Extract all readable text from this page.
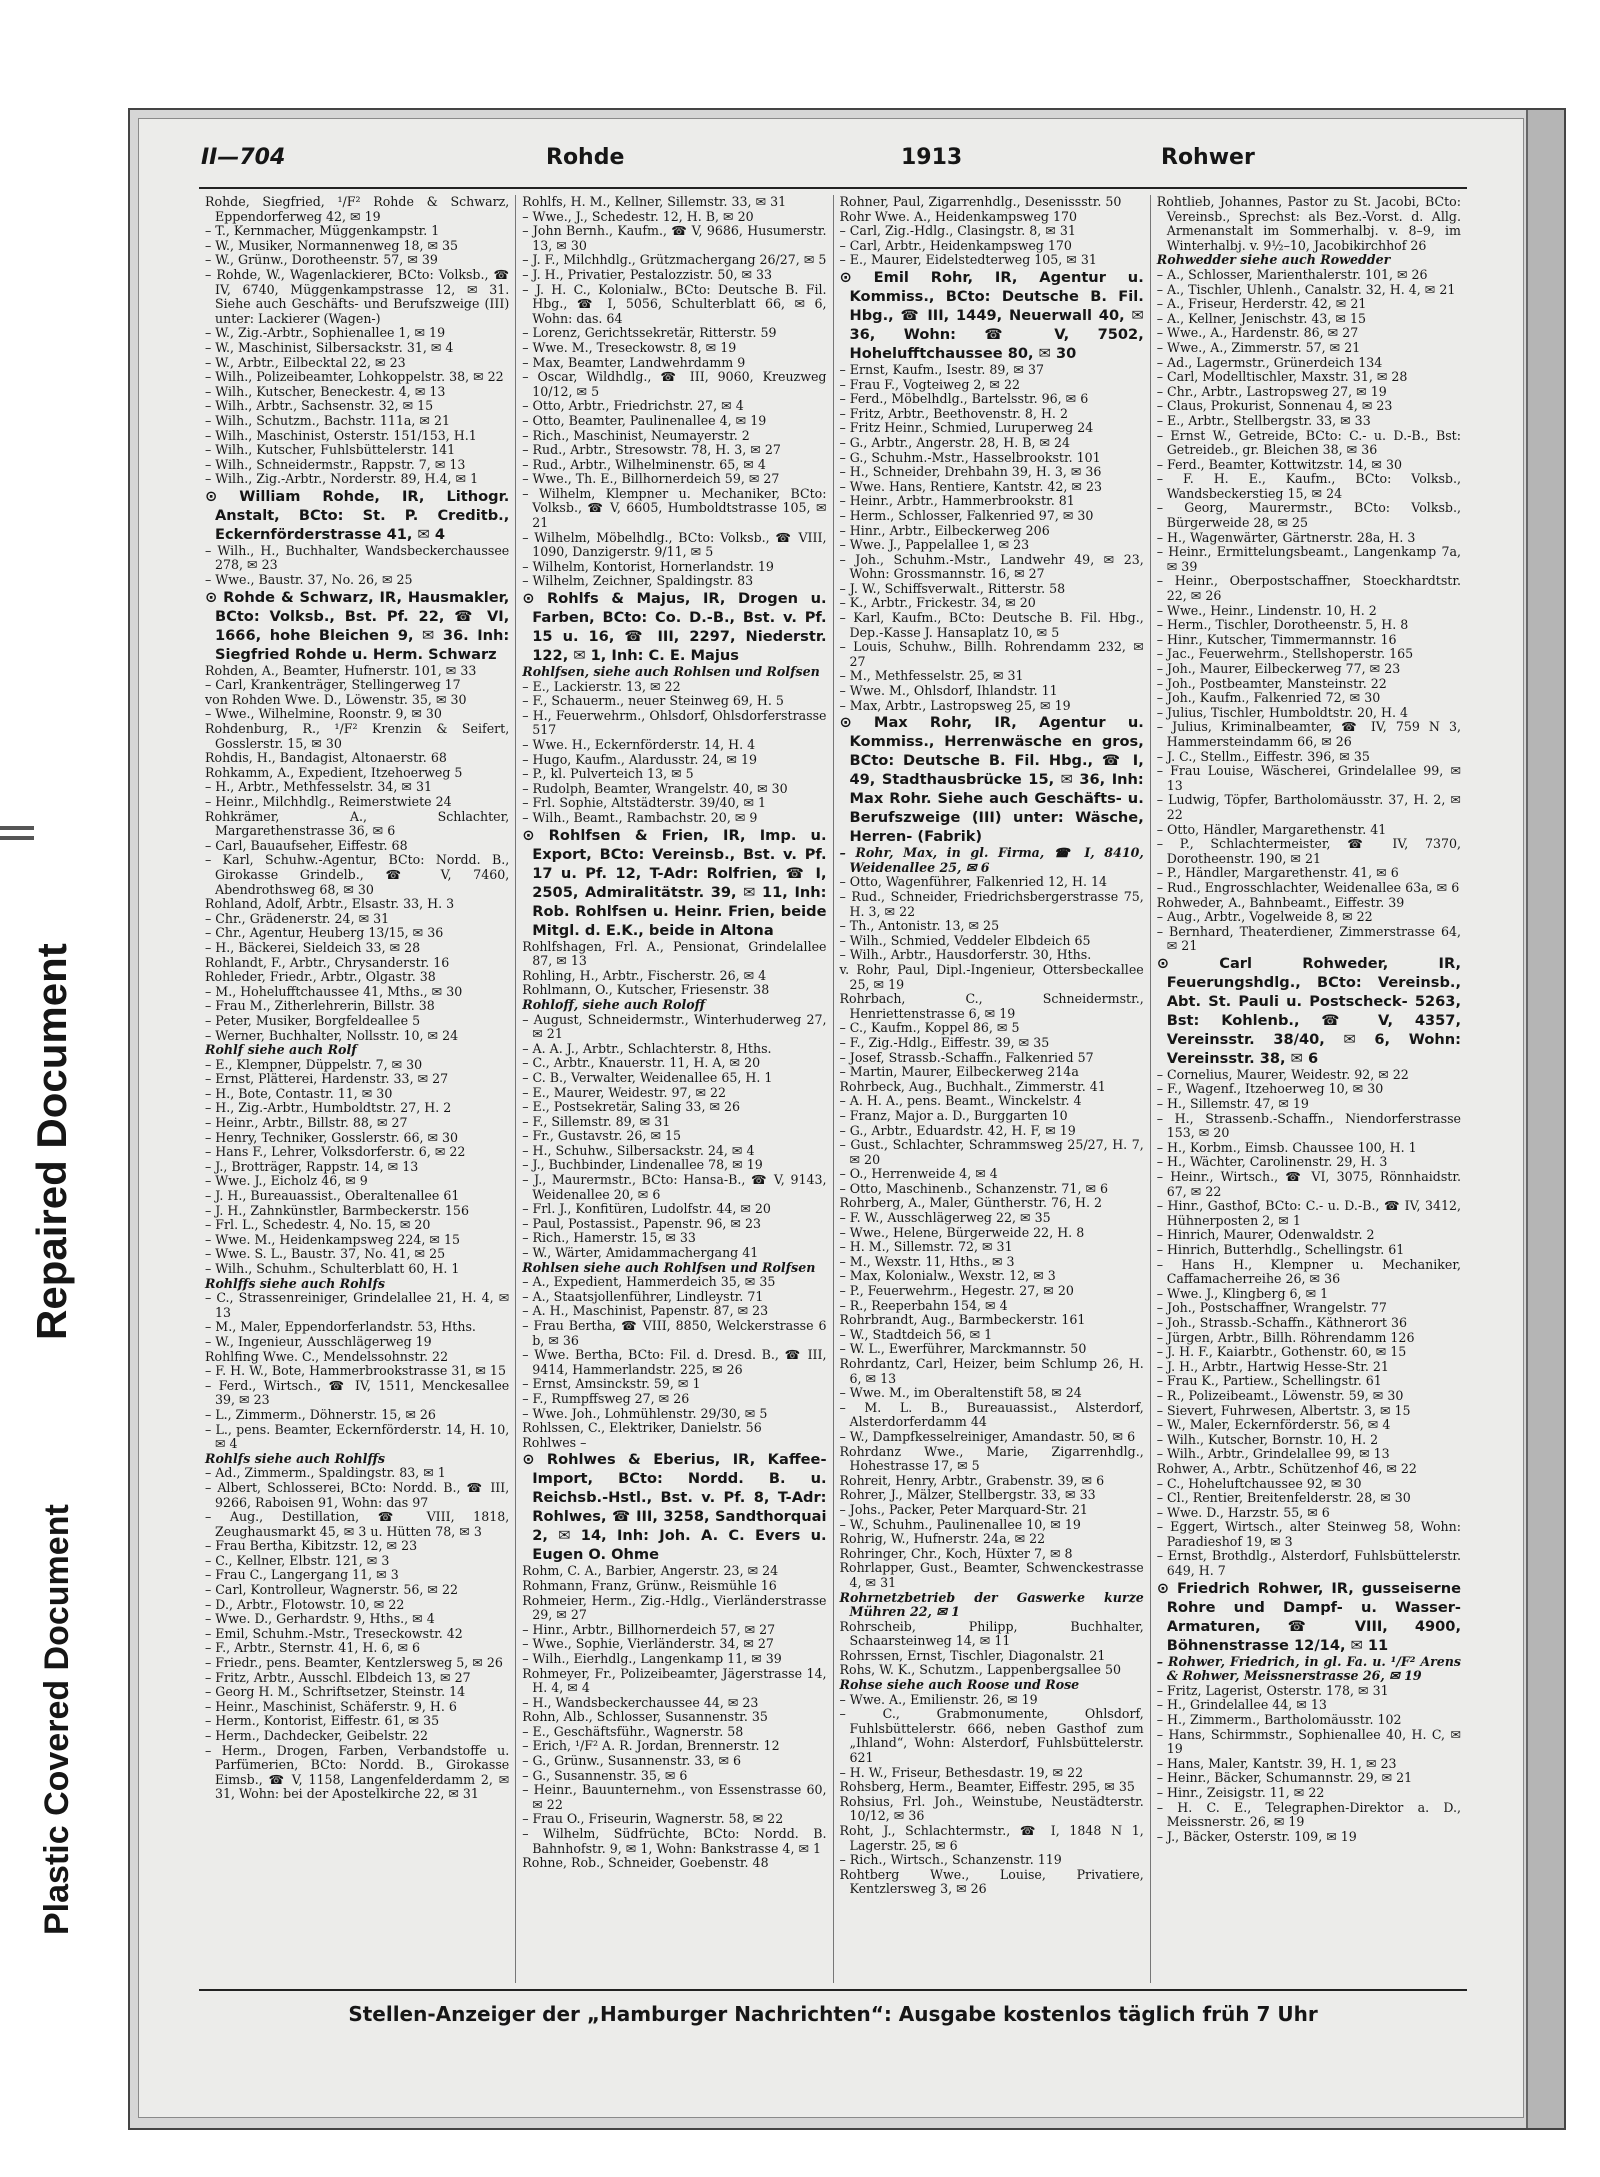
Repaired Document
Plastic Covered Document
II—704	Rohde	1913	Rohwer

Rohde, Siegfried, ¹/F² Rohde & Schwarz, Eppendorferweg 42, ✉ 19

– T., Kernmacher, Müggenkampstr. 1

– W., Musiker, Normannenweg 18, ✉ 35

– W., Grünw., Dorotheenstr. 57, ✉ 39

– Rohde, W., Wagenlackierer, BCto: Volksb., ☎ IV, 6740, Müggenkampstrasse 12, ✉ 31. Siehe auch Geschäfts- und Berufszweige (III) unter: Lackierer (Wagen-)

– W., Zig.-Arbtr., Sophienallee 1, ✉ 19

– W., Maschinist, Silbersackstr. 31, ✉ 4

– W., Arbtr., Eilbecktal 22, ✉ 23

– Wilh., Polizeibeamter, Lohkoppelstr. 38, ✉ 22

– Wilh., Kutscher, Beneckestr. 4, ✉ 13

– Wilh., Arbtr., Sachsenstr. 32, ✉ 15

– Wilh., Schutzm., Bachstr. 111a, ✉ 21

– Wilh., Maschinist, Osterstr. 151/153, H.1

– Wilh., Kutscher, Fuhlsbüttelerstr. 141

– Wilh., Schneidermstr., Rappstr. 7, ✉ 13

– Wilh., Zig.-Arbtr., Norderstr. 89, H.4, ✉ 1

⊙ William Rohde, IR, Lithogr. Anstalt, BCto: St. P. Creditb., Eckernförderstrasse 41, ✉ 4

– Wilh., H., Buchhalter, Wandsbeckerchaussee 278, ✉ 23

– Wwe., Baustr. 37, No. 26, ✉ 25

⊙ Rohde & Schwarz, IR, Hausmakler, BCto: Volksb., Bst. Pf. 22, ☎ VI, 1666, hohe Bleichen 9, ✉ 36. Inh: Siegfried Rohde u. Herm. Schwarz

Rohden, A., Beamter, Hufnerstr. 101, ✉ 33

– Carl, Krankenträger, Stellingerweg 17

von Rohden Wwe. D., Löwenstr. 35, ✉ 30

– Wwe., Wilhelmine, Roonstr. 9, ✉ 30

Rohdenburg, R., ¹/F² Krenzin & Seifert, Gosslerstr. 15, ✉ 30

Rohdis, H., Bandagist, Altonaerstr. 68

Rohkamm, A., Expedient, Itzehoerweg 5

– H., Arbtr., Methfesselstr. 34, ✉ 31

– Heinr., Milchhdlg., Reimerstwiete 24

Rohkrämer, A., Schlachter, Margarethenstrasse 36, ✉ 6

– Carl, Bauaufseher, Eiffestr. 68

– Karl, Schuhw.-Agentur, BCto: Nordd. B., Girokasse Grindelb., ☎ V, 7460, Abendrothsweg 68, ✉ 30

Rohland, Adolf, Arbtr., Elsastr. 33, H. 3

– Chr., Grädenerstr. 24, ✉ 31

– Chr., Agentur, Heuberg 13/15, ✉ 36

– H., Bäckerei, Sieldeich 33, ✉ 28

Rohlandt, F., Arbtr., Chrysanderstr. 16

Rohleder, Friedr., Arbtr., Olgastr. 38

– M., Hohelufftchaussee 41, Mths., ✉ 30

– Frau M., Zitherlehrerin, Billstr. 38

– Peter, Musiker, Borgfeldeallee 5

– Werner, Buchhalter, Nollsstr. 10, ✉ 24

Rohlf siehe auch Rolf

– E., Klempner, Düppelstr. 7, ✉ 30

– Ernst, Plätterei, Hardenstr. 33, ✉ 27

– H., Bote, Contastr. 11, ✉ 30

– H., Zig.-Arbtr., Humboldtstr. 27, H. 2

– Heinr., Arbtr., Billstr. 88, ✉ 27

– Henry, Techniker, Gosslerstr. 66, ✉ 30

– Hans F., Lehrer, Volksdorferstr. 6, ✉ 22

– J., Brotträger, Rappstr. 14, ✉ 13

– Wwe. J., Eicholz 46, ✉ 9

– J. H., Bureauassist., Oberaltenallee 61

– J. H., Zahnkünstler, Barmbeckerstr. 156

– Frl. L., Schedestr. 4, No. 15, ✉ 20

– Wwe. M., Heidenkampsweg 224, ✉ 15

– Wwe. S. L., Baustr. 37, No. 41, ✉ 25

– Wilh., Schuhm., Schulterblatt 60, H. 1

Rohlffs siehe auch Rohlfs

– C., Strassenreiniger, Grindelallee 21, H. 4, ✉ 13

– M., Maler, Eppendorferlandstr. 53, Hths.

– W., Ingenieur, Ausschlägerweg 19

Rohlfing Wwe. C., Mendelssohnstr. 22

– F. H. W., Bote, Hammerbrookstrasse 31, ✉ 15

– Ferd., Wirtsch., ☎ IV, 1511, Menckesallee 39, ✉ 23

– L., Zimmerm., Döhnerstr. 15, ✉ 26

– L., pens. Beamter, Eckernförderstr. 14, H. 10, ✉ 4

Rohlfs siehe auch Rohlffs

– Ad., Zimmerm., Spaldingstr. 83, ✉ 1

– Albert, Schlosserei, BCto: Nordd. B., ☎ III, 9266, Raboisen 91, Wohn: das 97

– Aug., Destillation, ☎ VIII, 1818, Zeughausmarkt 45, ✉ 3 u. Hütten 78, ✉ 3

– Frau Bertha, Kibitzstr. 12, ✉ 23

– C., Kellner, Elbstr. 121, ✉ 3

– Frau C., Langergang 11, ✉ 3

– Carl, Kontrolleur, Wagnerstr. 56, ✉ 22

– D., Arbtr., Flotowstr. 10, ✉ 22

– Wwe. D., Gerhardstr. 9, Hths., ✉ 4

– Emil, Schuhm.-Mstr., Treseckowstr. 42

– F., Arbtr., Sternstr. 41, H. 6, ✉ 6

– Friedr., pens. Beamter, Kentzlersweg 5, ✉ 26

– Fritz, Arbtr., Ausschl. Elbdeich 13, ✉ 27

– Georg H. M., Schriftsetzer, Steinstr. 14

– Heinr., Maschinist, Schäferstr. 9, H. 6

– Herm., Kontorist, Eiffestr. 61, ✉ 35

– Herm., Dachdecker, Geibelstr. 22

– Herm., Drogen, Farben, Verbandstoffe u. Parfümerien, BCto: Nordd. B., Girokasse Eimsb., ☎ V, 1158, Langenfelderdamm 2, ✉ 31, Wohn: bei der Apostelkirche 22, ✉ 31

Rohlfs, H. M., Kellner, Sillemstr. 33, ✉ 31

– Wwe., J., Schedestr. 12, H. B, ✉ 20

– John Bernh., Kaufm., ☎ V, 9686, Husumerstr. 13, ✉ 30

– J. F., Milchhdlg., Grützmachergang 26/27, ✉ 5

– J. H., Privatier, Pestalozzistr. 50, ✉ 33

– J. H. C., Kolonialw., BCto: Deutsche B. Fil. Hbg., ☎ I, 5056, Schulterblatt 66, ✉ 6, Wohn: das. 64

– Lorenz, Gerichtssekretär, Ritterstr. 59

– Wwe. M., Treseckowstr. 8, ✉ 19

– Max, Beamter, Landwehrdamm 9

– Oscar, Wildhdlg., ☎ III, 9060, Kreuzweg 10/12, ✉ 5

– Otto, Arbtr., Friedrichstr. 27, ✉ 4

– Otto, Beamter, Paulinenallee 4, ✉ 19

– Rich., Maschinist, Neumayerstr. 2

– Rud., Arbtr., Stresowstr. 78, H. 3, ✉ 27

– Rud., Arbtr., Wilhelminenstr. 65, ✉ 4

– Wwe., Th. E., Billhornerdeich 59, ✉ 27

– Wilhelm, Klempner u. Mechaniker, BCto: Volksb., ☎ V, 6605, Humboldtstrasse 105, ✉ 21

– Wilhelm, Möbelhdlg., BCto: Volksb., ☎ VIII, 1090, Danzigerstr. 9/11, ✉ 5

– Wilhelm, Kontorist, Hornerlandstr. 19

– Wilhelm, Zeichner, Spaldingstr. 83

⊙ Rohlfs & Majus, IR, Drogen u. Farben, BCto: Co. D.-B., Bst. v. Pf. 15 u. 16, ☎ III, 2297, Niederstr. 122, ✉ 1, Inh: C. E. Majus

Rohlfsen, siehe auch Rohlsen und Rolfsen

– E., Lackierstr. 13, ✉ 22

– F., Schauerm., neuer Steinweg 69, H. 5

– H., Feuerwehrm., Ohlsdorf, Ohlsdorferstrasse 517

– Wwe. H., Eckernförderstr. 14, H. 4

– Hugo, Kaufm., Alardusstr. 24, ✉ 19

– P., kl. Pulverteich 13, ✉ 5

– Rudolph, Beamter, Wrangelstr. 40, ✉ 30

– Frl. Sophie, Altstädterstr. 39/40, ✉ 1

– Wilh., Beamt., Rambachstr. 20, ✉ 9

⊙ Rohlfsen & Frien, IR, Imp. u. Export, BCto: Vereinsb., Bst. v. Pf. 17 u. Pf. 12, T-Adr: Rolfrien, ☎ I, 2505, Admiralitätstr. 39, ✉ 11, Inh: Rob. Rohlfsen u. Heinr. Frien, beide Mitgl. d. E.K., beide in Altona

Rohlfshagen, Frl. A., Pensionat, Grindelallee 87, ✉ 13

Rohling, H., Arbtr., Fischerstr. 26, ✉ 4

Rohlmann, O., Kutscher, Friesenstr. 38

Rohloff, siehe auch Roloff

– August, Schneidermstr., Winterhuderweg 27, ✉ 21

– A. A. J., Arbtr., Schlachterstr. 8, Hths.

– C., Arbtr., Knauerstr. 11, H. A, ✉ 20

– C. B., Verwalter, Weidenallee 65, H. 1

– E., Maurer, Weidestr. 97, ✉ 22

– E., Postsekretär, Saling 33, ✉ 26

– F., Sillemstr. 89, ✉ 31

– Fr., Gustavstr. 26, ✉ 15

– H., Schuhw., Silbersackstr. 24, ✉ 4

– J., Buchbinder, Lindenallee 78, ✉ 19

– J., Maurermstr., BCto: Hansa-B., ☎ V, 9143, Weidenallee 20, ✉ 6

– Frl. J., Konfitüren, Ludolfstr. 44, ✉ 20

– Paul, Postassist., Papenstr. 96, ✉ 23

– Rich., Hamerstr. 15, ✉ 33

– W., Wärter, Amidammachergang 41

Rohlsen siehe auch Rohlfsen und Rolfsen

– A., Expedient, Hammerdeich 35, ✉ 35

– A., Staatsjollenführer, Lindleystr. 71

– A. H., Maschinist, Papenstr. 87, ✉ 23

– Frau Bertha, ☎ VIII, 8850, Welckerstrasse 6 b, ✉ 36

– Wwe. Bertha, BCto: Fil. d. Dresd. B., ☎ III, 9414, Hammerlandstr. 225, ✉ 26

– Ernst, Amsinckstr. 59, ✉ 1

– F., Rumpffsweg 27, ✉ 26

– Wwe. Joh., Lohmühlenstr. 29/30, ✉ 5

Rohlssen, C., Elektriker, Danielstr. 56

Rohlwes –

⊙ Rohlwes & Eberius, IR, Kaffee-Import, BCto: Nordd. B. u. Reichsb.-Hstl., Bst. v. Pf. 8, T-Adr: Rohlwes, ☎ III, 3258, Sandthorquai 2, ✉ 14, Inh: Joh. A. C. Evers u. Eugen O. Ohme

Rohm, C. A., Barbier, Angerstr. 23, ✉ 24

Rohmann, Franz, Grünw., Reismühle 16

Rohmeier, Herm., Zig.-Hdlg., Vierländerstrasse 29, ✉ 27

– Hinr., Arbtr., Billhornerdeich 57, ✉ 27

– Wwe., Sophie, Vierländerstr. 34, ✉ 27

– Wilh., Eierhdlg., Langenkamp 11, ✉ 39

Rohmeyer, Fr., Polizeibeamter, Jägerstrasse 14, H. 4, ✉ 4

– H., Wandsbeckerchaussee 44, ✉ 23

Rohn, Alb., Schlosser, Susannenstr. 35

– E., Geschäftsführ., Wagnerstr. 58

– Erich, ¹/F² A. R. Jordan, Brennerstr. 12

– G., Grünw., Susannenstr. 33, ✉ 6

– G., Susannenstr. 35, ✉ 6

– Heinr., Bauunternehm., von Essenstrasse 60, ✉ 22

– Frau O., Friseurin, Wagnerstr. 58, ✉ 22

– Wilhelm, Südfrüchte, BCto: Nordd. B. Bahnhofstr. 9, ✉ 1, Wohn: Bankstrasse 4, ✉ 1

Rohne, Rob., Schneider, Goebenstr. 48

Rohner, Paul, Zigarrenhdlg., Desenissstr. 50

Rohr Wwe. A., Heidenkampsweg 170

– Carl, Zig.-Hdlg., Clasingstr. 8, ✉ 31

– Carl, Arbtr., Heidenkampsweg 170

– E., Maurer, Eidelstedterweg 105, ✉ 31

⊙ Emil Rohr, IR, Agentur u. Kommiss., BCto: Deutsche B. Fil. Hbg., ☎ III, 1449, Neuerwall 40, ✉ 36, Wohn: ☎ V, 7502, Hohelufftchaussee 80, ✉ 30

– Ernst, Kaufm., Isestr. 89, ✉ 37

– Frau F., Vogteiweg 2, ✉ 22

– Ferd., Möbelhdlg., Bartelsstr. 96, ✉ 6

– Fritz, Arbtr., Beethovenstr. 8, H. 2

– Fritz Heinr., Schmied, Luruperweg 24

– G., Arbtr., Angerstr. 28, H. B, ✉ 24

– G., Schuhm.-Mstr., Hasselbrookstr. 101

– H., Schneider, Drehbahn 39, H. 3, ✉ 36

– Wwe. Hans, Rentiere, Kantstr. 42, ✉ 23

– Heinr., Arbtr., Hammerbrookstr. 81

– Herm., Schlosser, Falkenried 97, ✉ 30

– Hinr., Arbtr., Eilbeckerweg 206

– Wwe. J., Pappelallee 1, ✉ 23

– Joh., Schuhm.-Mstr., Landwehr 49, ✉ 23, Wohn: Grossmannstr. 16, ✉ 27

– J. W., Schiffsverwalt., Ritterstr. 58

– K., Arbtr., Frickestr. 34, ✉ 20

– Karl, Kaufm., BCto: Deutsche B. Fil. Hbg., Dep.-Kasse J. Hansaplatz 10, ✉ 5

– Louis, Schuhw., Billh. Rohrendamm 232, ✉ 27

– M., Methfesselstr. 25, ✉ 31

– Wwe. M., Ohlsdorf, Ihlandstr. 11

– Max, Arbtr., Lastropsweg 25, ✉ 19

⊙ Max Rohr, IR, Agentur u. Kommiss., Herrenwäsche en gros, BCto: Deutsche B. Fil. Hbg., ☎ I, 49, Stadthausbrücke 15, ✉ 36, Inh: Max Rohr. Siehe auch Geschäfts- u. Berufszweige (III) unter: Wäsche, Herren- (Fabrik)

– Rohr, Max, in gl. Firma, ☎ I, 8410, Weidenallee 25, ✉ 6

– Otto, Wagenführer, Falkenried 12, H. 14

– Rud., Schneider, Friedrichsbergerstrasse 75, H. 3, ✉ 22

– Th., Antonistr. 13, ✉ 25

– Wilh., Schmied, Veddeler Elbdeich 65

– Wilh., Arbtr., Hausdorferstr. 30, Hths.

v. Rohr, Paul, Dipl.-Ingenieur, Ottersbeckallee 25, ✉ 19

Rohrbach, C., Schneidermstr., Henriettenstrasse 6, ✉ 19

– C., Kaufm., Koppel 86, ✉ 5

– F., Zig.-Hdlg., Eiffestr. 39, ✉ 35

– Josef, Strassb.-Schaffn., Falkenried 57

– Martin, Maurer, Eilbeckerweg 214a

Rohrbeck, Aug., Buchhalt., Zimmerstr. 41

– A. H. A., pens. Beamt., Winckelstr. 4

– Franz, Major a. D., Burggarten 10

– G., Arbtr., Eduardstr. 42, H. F, ✉ 19

– Gust., Schlachter, Schrammsweg 25/27, H. 7, ✉ 20

– O., Herrenweide 4, ✉ 4

– Otto, Maschinenb., Schanzenstr. 71, ✉ 6

Rohrberg, A., Maler, Güntherstr. 76, H. 2

– F. W., Ausschlägerweg 22, ✉ 35

– Wwe., Helene, Bürgerweide 22, H. 8

– H. M., Sillemstr. 72, ✉ 31

– M., Wexstr. 11, Hths., ✉ 3

– Max, Kolonialw., Wexstr. 12, ✉ 3

– P., Feuerwehrm., Hegestr. 27, ✉ 20

– R., Reeperbahn 154, ✉ 4

Rohrbrandt, Aug., Barmbeckerstr. 161

– W., Stadtdeich 56, ✉ 1

– W. L., Ewerführer, Marckmannstr. 50

Rohrdantz, Carl, Heizer, beim Schlump 26, H. 6, ✉ 13

– Wwe. M., im Oberaltenstift 58, ✉ 24

– M. L. B., Bureauassist., Alsterdorf, Alsterdorferdamm 44

– W., Dampfkesselreiniger, Amandastr. 50, ✉ 6

Rohrdanz Wwe., Marie, Zigarrenhdlg., Hohestrasse 17, ✉ 5

Rohreit, Henry, Arbtr., Grabenstr. 39, ✉ 6

Rohrer, J., Mälzer, Stellbergstr. 33, ✉ 33

– Johs., Packer, Peter Marquard-Str. 21

– W., Schuhm., Paulinenallee 10, ✉ 19

Rohrig, W., Hufnerstr. 24a, ✉ 22

Rohringer, Chr., Koch, Hüxter 7, ✉ 8

Rohrlapper, Gust., Beamter, Schwenckestrasse 4, ✉ 31

Rohrnetzbetrieb der Gaswerke kurze Mühren 22, ✉ 1

Rohrscheib, Philipp, Buchhalter, Schaarsteinweg 14, ✉ 11

Rohrssen, Ernst, Tischler, Diagonalstr. 21

Rohs, W. K., Schutzm., Lappenbergsallee 50

Rohse siehe auch Roose und Rose

– Wwe. A., Emilienstr. 26, ✉ 19

– C., Grabmonumente, Ohlsdorf, Fuhlsbüttelerstr. 666, neben Gasthof zum „Ihland“, Wohn: Alsterdorf, Fuhlsbüttelerstr. 621

– H. W., Friseur, Bethesdastr. 19, ✉ 22

Rohsberg, Herm., Beamter, Eiffestr. 295, ✉ 35

Rohsius, Frl. Joh., Weinstube, Neustädterstr. 10/12, ✉ 36

Roht, J., Schlachtermstr., ☎ I, 1848 N 1, Lagerstr. 25, ✉ 6

– Rich., Wirtsch., Schanzenstr. 119

Rohtberg Wwe., Louise, Privatiere, Kentzlersweg 3, ✉ 26

Rohtlieb, Johannes, Pastor zu St. Jacobi, BCto: Vereinsb., Sprechst: als Bez.-Vorst. d. Allg. Armenanstalt im Sommerhalbj. v. 8–9, im Winterhalbj. v. 9½–10, Jacobikirchhof 26

Rohwedder siehe auch Rowedder

– A., Schlosser, Marienthalerstr. 101, ✉ 26

– A., Tischler, Uhlenh., Canalstr. 32, H. 4, ✉ 21

– A., Friseur, Herderstr. 42, ✉ 21

– A., Kellner, Jenischstr. 43, ✉ 15

– Wwe., A., Hardenstr. 86, ✉ 27

– Wwe., A., Zimmerstr. 57, ✉ 21

– Ad., Lagermstr., Grünerdeich 134

– Carl, Modelltischler, Maxstr. 31, ✉ 28

– Chr., Arbtr., Lastropsweg 27, ✉ 19

– Claus, Prokurist, Sonnenau 4, ✉ 23

– E., Arbtr., Stellbergstr. 33, ✉ 33

– Ernst W., Getreide, BCto: C.- u. D.-B., Bst: Getreideb., gr. Bleichen 38, ✉ 36

– Ferd., Beamter, Kottwitzstr. 14, ✉ 30

– F. H. E., Kaufm., BCto: Volksb., Wandsbeckerstieg 15, ✉ 24

– Georg, Maurermstr., BCto: Volksb., Bürgerweide 28, ✉ 25

– H., Wagenwärter, Gärtnerstr. 28a, H. 3

– Heinr., Ermittelungsbeamt., Langenkamp 7a, ✉ 39

– Heinr., Oberpostschaffner, Stoeckhardtstr. 22, ✉ 26

– Wwe., Heinr., Lindenstr. 10, H. 2

– Herm., Tischler, Dorotheenstr. 5, H. 8

– Hinr., Kutscher, Timmermannstr. 16

– Jac., Feuerwehrm., Stellshoperstr. 165

– Joh., Maurer, Eilbeckerweg 77, ✉ 23

– Joh., Postbeamter, Mansteinstr. 22

– Joh., Kaufm., Falkenried 72, ✉ 30

– Julius, Tischler, Humboldtstr. 20, H. 4

– Julius, Kriminalbeamter, ☎ IV, 759 N 3, Hammersteindamm 66, ✉ 26

– J. C., Stellm., Eiffestr. 396, ✉ 35

– Frau Louise, Wäscherei, Grindelallee 99, ✉ 13

– Ludwig, Töpfer, Bartholomäusstr. 37, H. 2, ✉ 22

– Otto, Händler, Margarethenstr. 41

– P., Schlachtermeister, ☎ IV, 7370, Dorotheenstr. 190, ✉ 21

– P., Händler, Margarethenstr. 41, ✉ 6

– Rud., Engrosschlachter, Weidenallee 63a, ✉ 6

Rohweder, A., Bahnbeamt., Eiffestr. 39

– Aug., Arbtr., Vogelweide 8, ✉ 22

– Bernhard, Theaterdiener, Zimmerstrasse 64, ✉ 21

⊙ Carl Rohweder, IR, Feuerungshdlg., BCto: Vereinsb., Abt. St. Pauli u. Postscheck- 5263, Bst: Kohlenb., ☎ V, 4357, Vereinsstr. 38/40, ✉ 6, Wohn: Vereinsstr. 38, ✉ 6

– Cornelius, Maurer, Weidestr. 92, ✉ 22

– F., Wagenf., Itzehoerweg 10, ✉ 30

– H., Sillemstr. 47, ✉ 19

– H., Strassenb.-Schaffn., Niendorferstrasse 153, ✉ 20

– H., Korbm., Eimsb. Chaussee 100, H. 1

– H., Wächter, Carolinenstr. 29, H. 3

– Heinr., Wirtsch., ☎ VI, 3075, Rönnhaidstr. 67, ✉ 22

– Hinr., Gasthof, BCto: C.- u. D.-B., ☎ IV, 3412, Hühnerposten 2, ✉ 1

– Hinrich, Maurer, Odenwaldstr. 2

– Hinrich, Butterhdlg., Schellingstr. 61

– Hans H., Klempner u. Mechaniker, Caffamacherreihe 26, ✉ 36

– Wwe. J., Klingberg 6, ✉ 1

– Joh., Postschaffner, Wrangelstr. 77

– Joh., Strassb.-Schaffn., Käthnerort 36

– Jürgen, Arbtr., Billh. Röhrendamm 126

– J. H. F., Kaiarbtr., Gothenstr. 60, ✉ 15

– J. H., Arbtr., Hartwig Hesse-Str. 21

– Frau K., Partiew., Schellingstr. 61

– R., Polizeibeamt., Löwenstr. 59, ✉ 30

– Sievert, Fuhrwesen, Albertstr. 3, ✉ 15

– W., Maler, Eckernförderstr. 56, ✉ 4

– Wilh., Kutscher, Bornstr. 10, H. 2

– Wilh., Arbtr., Grindelallee 99, ✉ 13

Rohwer, A., Arbtr., Schützenhof 46, ✉ 22

– C., Hoheluftchaussee 92, ✉ 30

– Cl., Rentier, Breitenfelderstr. 28, ✉ 30

– Wwe. D., Harzstr. 55, ✉ 6

– Eggert, Wirtsch., alter Steinweg 58, Wohn: Paradieshof 19, ✉ 3

– Ernst, Brothdlg., Alsterdorf, Fuhlsbüttelerstr. 649, H. 7

⊙ Friedrich Rohwer, IR, gusseiserne Rohre und Dampf- u. Wasser-Armaturen, ☎ VIII, 4900, Böhnenstrasse 12/14, ✉ 11

– Rohwer, Friedrich, in gl. Fa. u. ¹/F² Arens & Rohwer, Meissnerstrasse 26, ✉ 19

– Fritz, Lagerist, Osterstr. 178, ✉ 31

– H., Grindelallee 44, ✉ 13

– H., Zimmerm., Bartholomäusstr. 102

– Hans, Schirmmstr., Sophienallee 40, H. C, ✉ 19

– Hans, Maler, Kantstr. 39, H. 1, ✉ 23

– Heinr., Bäcker, Schumannstr. 29, ✉ 21

– Hinr., Zeisigstr. 11, ✉ 22

– H. C. E., Telegraphen-Direktor a. D., Meissnerstr. 26, ✉ 19

– J., Bäcker, Osterstr. 109, ✉ 19

Stellen-Anzeiger der „Hamburger Nachrichten“: Ausgabe kostenlos täglich früh 7 Uhr
